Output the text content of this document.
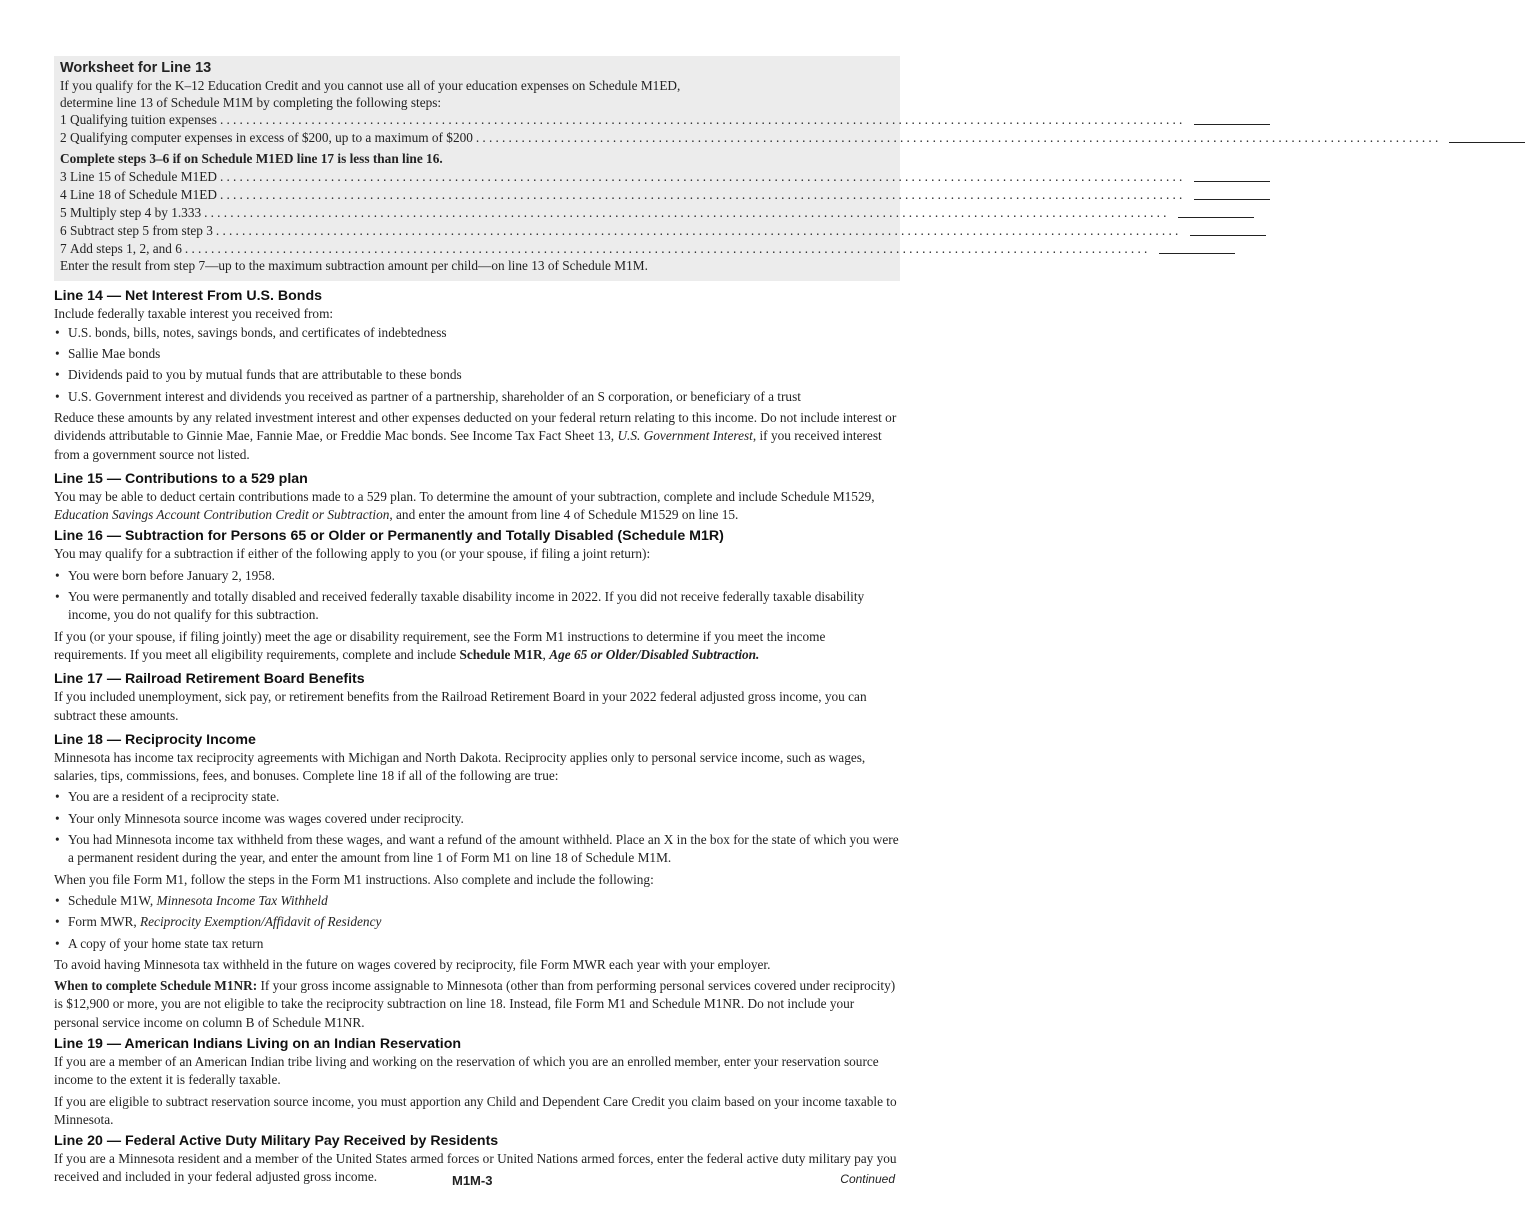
Worksheet for Line 13

If you qualify for the K–12 Education Credit and you cannot use all of your education expenses on Schedule M1ED,

determine line 13 of Schedule M1M by completing the following steps:

1 Qualifying tuition expenses ....................................................................................................................................................
2 Qualifying computer expenses in excess of $200, up to a maximum of $200 ....................................................................................................................................................
Complete steps 3–6 if on Schedule M1ED line 17 is less than line 16.
3 Line 15 of Schedule M1ED ....................................................................................................................................................
4 Line 18 of Schedule M1ED ....................................................................................................................................................
5 Multiply step 4 by 1.333 ....................................................................................................................................................
6 Subtract step 5 from step 3 ....................................................................................................................................................
7 Add steps 1, 2, and 6 ....................................................................................................................................................

Enter the result from step 7—up to the maximum subtraction amount per child—on line 13 of Schedule M1M.

Line 14 — Net Interest From U.S. Bonds

Include federally taxable interest you received from:

• U.S. bonds, bills, notes, savings bonds, and certificates of indebtedness
• Sallie Mae bonds
• Dividends paid to you by mutual funds that are attributable to these bonds
• U.S. Government interest and dividends you received as partner of a partnership, shareholder of an S corporation, or beneficiary of a trust

Reduce these amounts by any related investment interest and other expenses deducted on your federal return relating to this income. Do not include interest or dividends attributable to Ginnie Mae, Fannie Mae, or Freddie Mac bonds. See Income Tax Fact Sheet 13, U.S. Government Interest, if you received interest from a government source not listed.

Line 15 — Contributions to a 529 plan

You may be able to deduct certain contributions made to a 529 plan. To determine the amount of your subtraction, complete and include Schedule M1529, Education Savings Account Contribution Credit or Subtraction, and enter the amount from line 4 of Schedule M1529 on line 15.

Line 16 — Subtraction for Persons 65 or Older or Permanently and Totally Disabled (Schedule M1R)

You may qualify for a subtraction if either of the following apply to you (or your spouse, if filing a joint return):

• You were born before January 2, 1958.
• You were permanently and totally disabled and received federally taxable disability income in 2022. If you did not receive federally taxable disability income, you do not qualify for this subtraction.

If you (or your spouse, if filing jointly) meet the age or disability requirement, see the Form M1 instructions to determine if you meet the income requirements. If you meet all eligibility requirements, complete and include Schedule M1R, Age 65 or Older/Disabled Subtraction.

Line 17 — Railroad Retirement Board Benefits

If you included unemployment, sick pay, or retirement benefits from the Railroad Retirement Board in your 2022 federal adjusted gross income, you can subtract these amounts.

Line 18 — Reciprocity Income

Minnesota has income tax reciprocity agreements with Michigan and North Dakota. Reciprocity applies only to personal service income, such as wages, salaries, tips, commissions, fees, and bonuses. Complete line 18 if all of the following are true:

• You are a resident of a reciprocity state.
• Your only Minnesota source income was wages covered under reciprocity.
• You had Minnesota income tax withheld from these wages, and want a refund of the amount withheld. Place an X in the box for the state of which you were a permanent resident during the year, and enter the amount from line 1 of Form M1 on line 18 of Schedule M1M.

When you file Form M1, follow the steps in the Form M1 instructions. Also complete and include the following:

• Schedule M1W, Minnesota Income Tax Withheld
• Form MWR, Reciprocity Exemption/Affidavit of Residency
• A copy of your home state tax return

To avoid having Minnesota tax withheld in the future on wages covered by reciprocity, file Form MWR each year with your employer.

When to complete Schedule M1NR: If your gross income assignable to Minnesota (other than from performing personal services covered under reciprocity) is $12,900 or more, you are not eligible to take the reciprocity subtraction on line 18. Instead, file Form M1 and Schedule M1NR. Do not include your personal service income on column B of Schedule M1NR.

Line 19 — American Indians Living on an Indian Reservation

If you are a member of an American Indian tribe living and working on the reservation of which you are an enrolled member, enter your reservation source income to the extent it is federally taxable.

If you are eligible to subtract reservation source income, you must apportion any Child and Dependent Care Credit you claim based on your income taxable to Minnesota.

Line 20 — Federal Active Duty Military Pay Received by Residents

If you are a Minnesota resident and a member of the United States armed forces or United Nations armed forces, enter the federal active duty military pay you received and included in your federal adjusted gross income.	M1M-3	Continued
